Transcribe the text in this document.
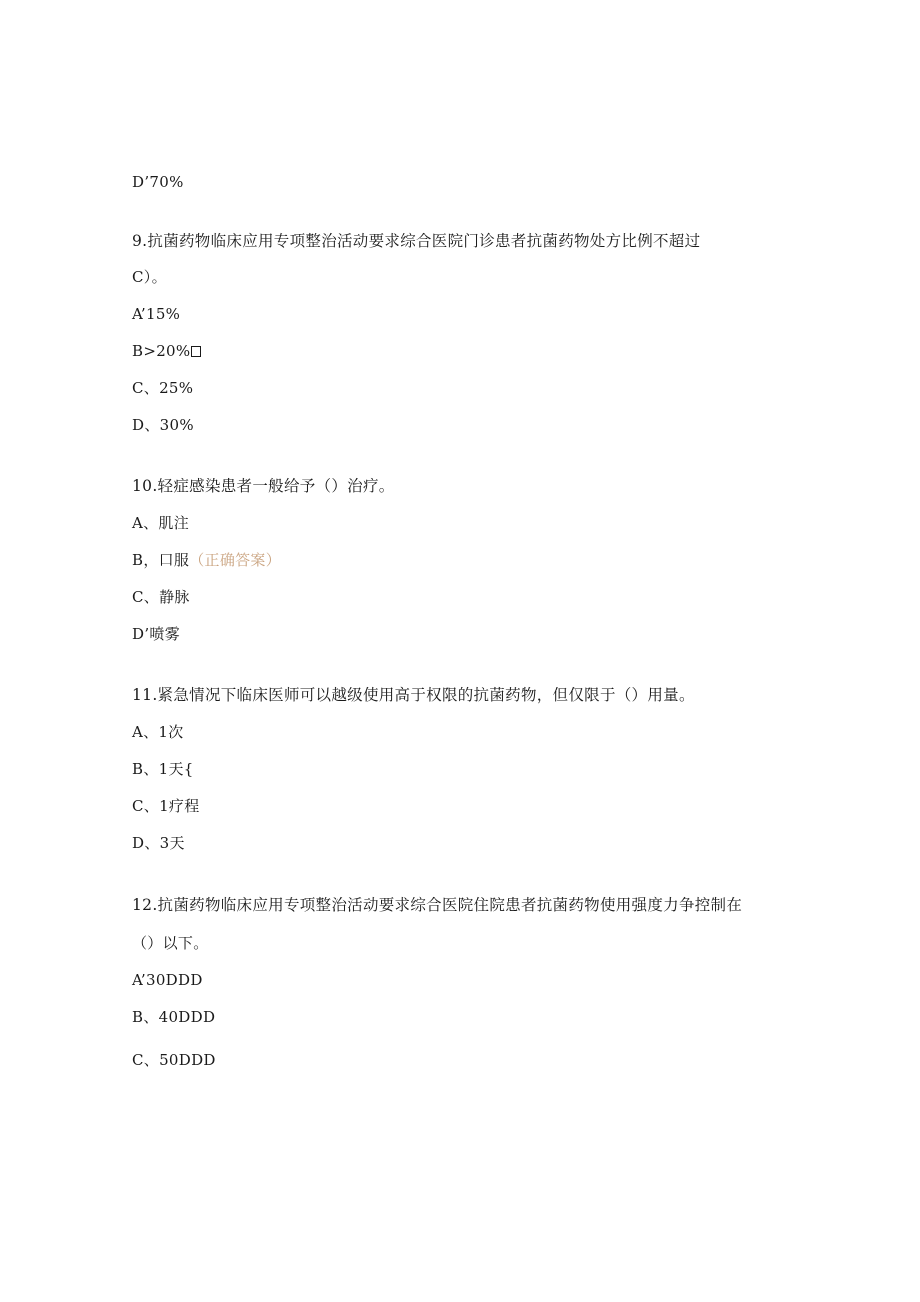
D’70%
9.抗菌药物临床应用专项整治活动要求综合医院门诊患者抗菌药物处方比例不超过
C）。
A’15%
B>20%
C、25%
D、30%
10.轻症感染患者一般给予（）治疗。
A、肌注
B，口服（正确答案）
C、静脉
D’喷雾
11.紧急情况下临床医师可以越级使用高于权限的抗菌药物，但仅限于（）用量。
A、1次
B、1天{
C、1疗程
D、3天
12.抗菌药物临床应用专项整治活动要求综合医院住院患者抗菌药物使用强度力争控制在
（）以下。
A’30DDD
B、40DDD
C、50DDD
